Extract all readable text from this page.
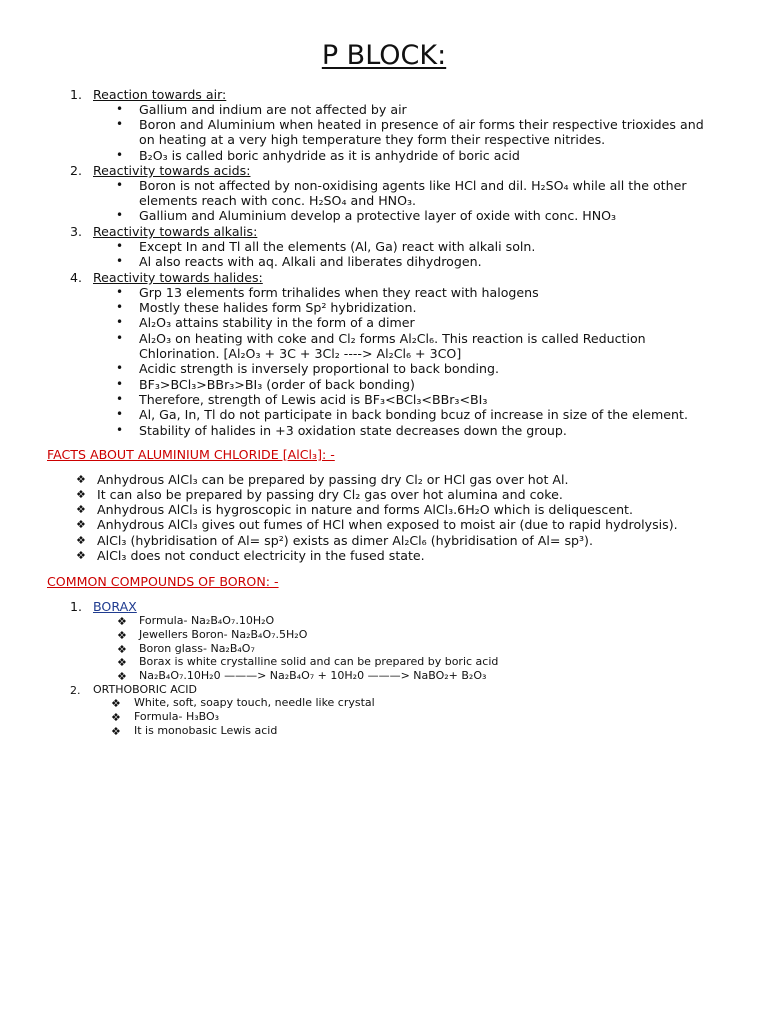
P BLOCK:
1. Reaction towards air:
• Gallium and indium are not affected by air
• Boron and Aluminium when heated in presence of air forms their respective trioxides and
on heating at a very high temperature they form their respective nitrides.
• B₂O₃ is called boric anhydride as it is anhydride of boric acid
2. Reactivity towards acids:
• Boron is not affected by non-oxidising agents like HCl and dil. H₂SO₄ while all the other
elements reach with conc. H₂SO₄ and HNO₃.
• Gallium and Aluminium develop a protective layer of oxide with conc. HNO₃
3. Reactivity towards alkalis:
• Except In and Tl all the elements (Al, Ga) react with alkali soln.
• Al also reacts with aq. Alkali and liberates dihydrogen.
4. Reactivity towards halides:
• Grp 13 elements form trihalides when they react with halogens
• Mostly these halides form Sp² hybridization.
• Al₂O₃ attains stability in the form of a dimer
• Al₂O₃ on heating with coke and Cl₂ forms Al₂Cl₆. This reaction is called Reduction
Chlorination. [Al₂O₃ + 3C + 3Cl₂ ----> Al₂Cl₆ + 3CO]
• Acidic strength is inversely proportional to back bonding.
• BF₃>BCl₃>BBr₃>BI₃ (order of back bonding)
• Therefore, strength of Lewis acid is BF₃<BCl₃<BBr₃<BI₃
• Al, Ga, In, Tl do not participate in back bonding bcuz of increase in size of the element.
• Stability of halides in +3 oxidation state decreases down the group.
FACTS ABOUT ALUMINIUM CHLORIDE [AlCl₃]: -
❖ Anhydrous AlCl₃ can be prepared by passing dry Cl₂ or HCl gas over hot Al.
❖ It can also be prepared by passing dry Cl₂ gas over hot alumina and coke.
❖ Anhydrous AlCl₃ is hygroscopic in nature and forms AlCl₃.6H₂O which is deliquescent.
❖ Anhydrous AlCl₃ gives out fumes of HCl when exposed to moist air (due to rapid hydrolysis).
❖ AlCl₃ (hybridisation of Al= sp²) exists as dimer Al₂Cl₆ (hybridisation of Al= sp³).
❖ AlCl₃ does not conduct electricity in the fused state.
COMMON COMPOUNDS OF BORON: -
1. BORAX
❖ Formula- Na₂B₄O₇.10H₂O
❖ Jewellers Boron- Na₂B₄O₇.5H₂O
❖ Boron glass- Na₂B₄O₇
❖ Borax is white crystalline solid and can be prepared by boric acid
❖ Na₂B₄O₇.10H₂0 ———> Na₂B₄O₇ + 10H₂0 ———> NaBO₂+ B₂O₃
2. ORTHOBORIC ACID
❖ White, soft, soapy touch, needle like crystal
❖ Formula- H₃BO₃
❖ It is monobasic Lewis acid
